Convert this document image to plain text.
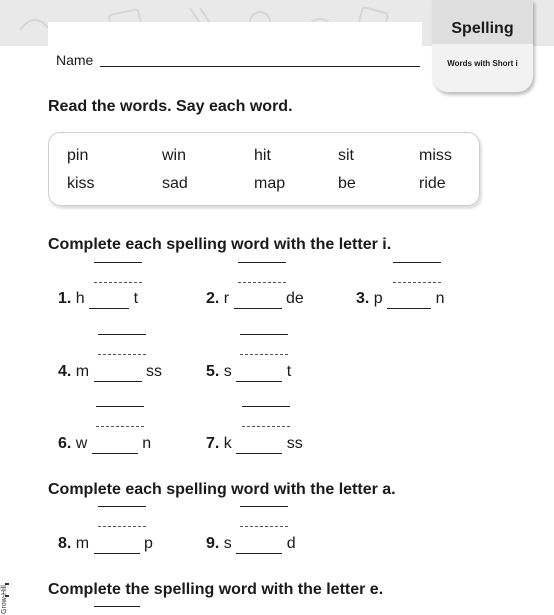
Name
Spelling
Words with Short i
Read the words. Say each word.
pin	win	hit	sit	miss
kiss	sad	map	be	ride
Complete each spelling word with the letter i.
1. h	t	2. r	de	3. p	n
4. m	ss	5. s	t
6. w	n	7. k	ss
Complete each spelling word with the letter a.
8. m	p	9. s	d
Complete the spelling word with the letter e.
Grow-Hill
